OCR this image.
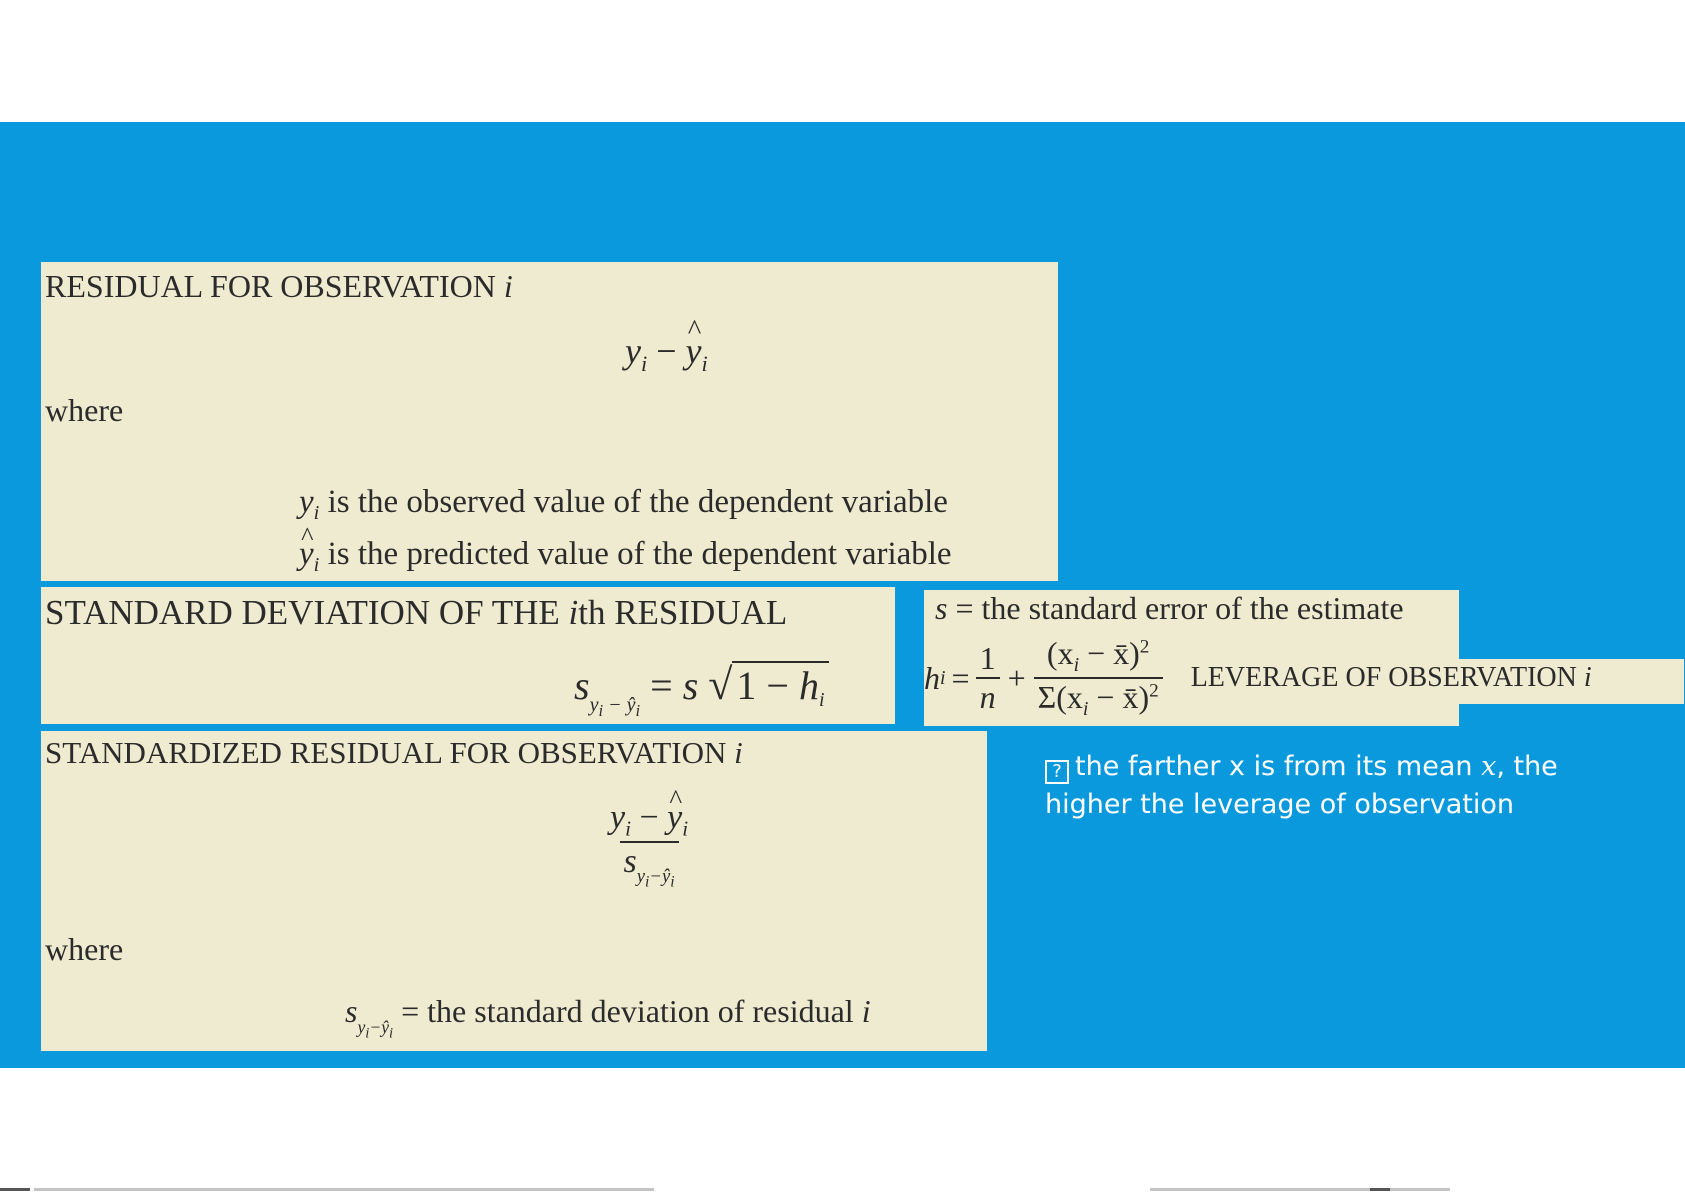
RESIDUAL FOR OBSERVATION i
$y_i$ − ^ $y_i$
where
$y_i$ is the observed value of the dependent variable
^ $y_i$ is the predicted value of the dependent variable
STANDARD DEVIATION OF THE ith RESIDUAL
$s_{y_i - ŷ_i} = s$ √ $1 - h_i$
s = the standard error of the estimate
h $i = \frac{1}{n} + \frac{(x_i - x̄)^2}{\Sigma(x_i - x̄)^2}$ LEVERAGE OF OBSERVATION i
STANDARDIZED RESIDUAL FOR OBSERVATION i
$\frac{y_i - \^{} y_i}{s_{y_i-ŷ_i}}$
where
$s_{y_i-ŷ_i}$ = the standard deviation of residual i
? the farther x is from its mean x, the higher the leverage of observation
